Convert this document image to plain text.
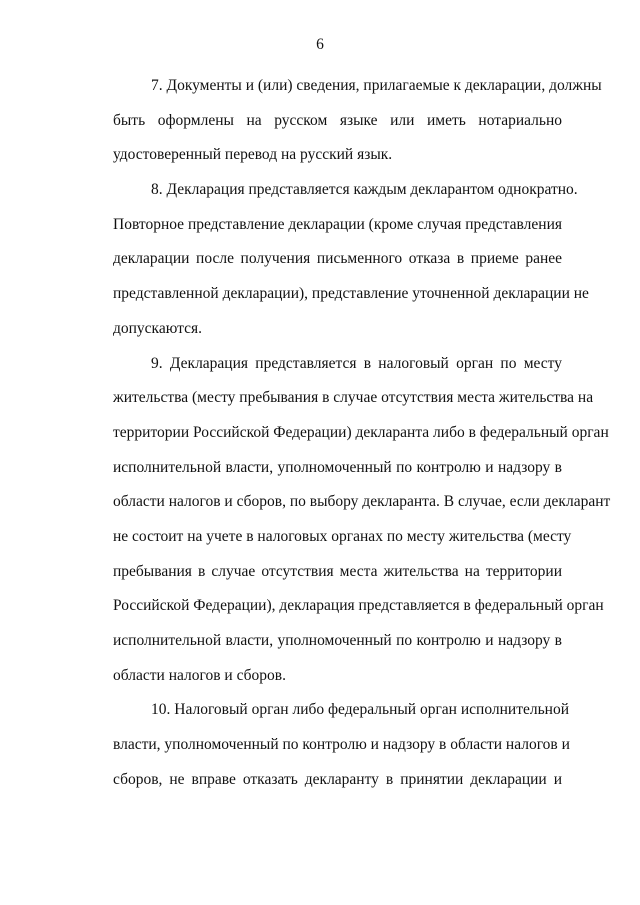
6
7. Документы и (или) сведения, прилагаемые к декларации, должны
быть оформлены на русском языке или иметь нотариально
удостоверенный перевод на русский язык.
8. Декларация представляется каждым декларантом однократно.
Повторное представление декларации (кроме случая представления
декларации после получения письменного отказа в приеме ранее
представленной декларации), представление уточненной декларации не
допускаются.
9. Декларация представляется в налоговый орган по месту
жительства (месту пребывания в случае отсутствия места жительства на
территории Российской Федерации) декларанта либо в федеральный орган
исполнительной власти, уполномоченный по контролю и надзору в
области налогов и сборов, по выбору декларанта. В случае, если декларант
не состоит на учете в налоговых органах по месту жительства (месту
пребывания в случае отсутствия места жительства на территории
Российской Федерации), декларация представляется в федеральный орган
исполнительной власти, уполномоченный по контролю и надзору в
области налогов и сборов.
10. Налоговый орган либо федеральный орган исполнительной
власти, уполномоченный по контролю и надзору в области налогов и
сборов, не вправе отказать декларанту в принятии декларации и
